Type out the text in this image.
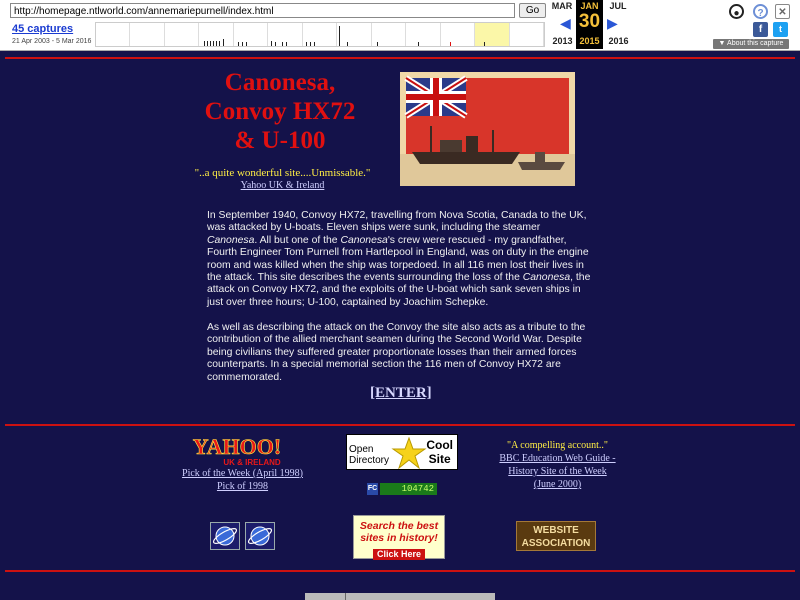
http://homepage.ntlworld.com/annemariepurnell/index.html	Go
45 captures
21 Apr 2003 - 5 Mar 2016
MAR
◀
JAN
30
2015
▶
JUL
2013	2016
●	?	✕
f	t
▼ About this capture
Canonesa,
Convoy HX72
& U-100
"..a quite wonderful site....Unmissable."
Yahoo UK & Ireland
In September 1940, Convoy HX72, travelling from Nova Scotia, Canada to the UK, was attacked by U-boats. Eleven ships were sunk, including the steamer Canonesa. All but one of the Canonesa's crew were rescued - my grandfather, Fourth Engineer Tom Purnell from Hartlepool in England, was on duty in the engine room and was killed when the ship was torpedoed. In all 116 men lost their lives in the attack. This site describes the events surrounding the loss of the Canonesa, the attack on Convoy HX72, and the exploits of the U-boat which sank seven ships in just over three hours; U-100, captained by Joachim Schepke.
As well as describing the attack on the Convoy the site also acts as a tribute to the contribution of the allied merchant seamen during the Second World War. Despite being civilians they suffered greater proportionate losses than their armed forces counterparts. In a special memorial section the 116 men of Convoy HX72 are commemorated.
[ENTER]
YAHOO!
UK & IRELAND
Pick of the Week (April 1998)
Pick of 1998
Open
Directory
Cool
Site
FC	104742
"A compelling account.."
BBC Education Web Guide -
History Site of the Week
(June 2000)
Search the best
sites in history!
Click Here
WEBSITE
ASSOCIATION
